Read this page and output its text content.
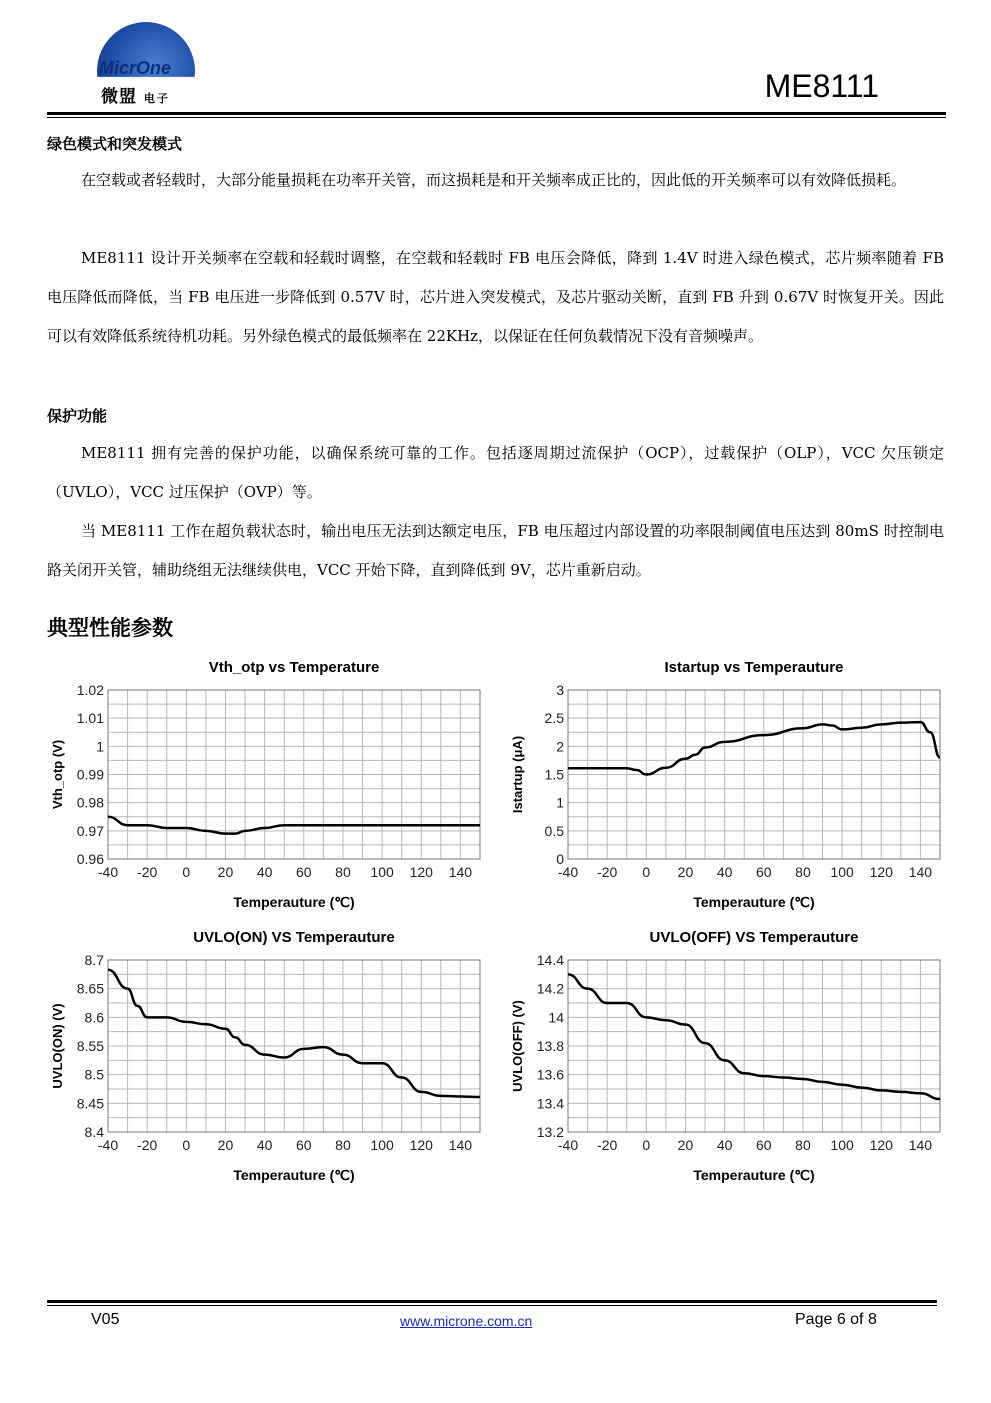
MicrOne
微盟 电子	ME8111
绿色模式和突发模式
在空载或者轻载时，大部分能量损耗在功率开关管，而这损耗是和开关频率成正比的，因此低的开关频率可以有效降低损耗。
ME8111 设计开关频率在空载和轻载时调整，在空载和轻载时 FB 电压会降低，降到 1.4V 时进入绿色模式，芯片频率随着 FB 电压降低而降低，当 FB 电压进一步降低到 0.57V 时，芯片进入突发模式，及芯片驱动关断，直到 FB 升到 0.67V 时恢复开关。因此可以有效降低系统待机功耗。另外绿色模式的最低频率在 22KHz，以保证在任何负载情况下没有音频噪声。
保护功能
ME8111 拥有完善的保护功能，以确保系统可靠的工作。包括逐周期过流保护（OCP），过载保护（OLP），VCC 欠压锁定（UVLO），VCC 过压保护（OVP）等。
当 ME8111 工作在超负载状态时，输出电压无法到达额定电压，FB 电压超过内部设置的功率限制阈值电压达到 80mS 时控制电路关闭开关管，辅助绕组无法继续供电，VCC 开始下降，直到降低到 9V，芯片重新启动。
典型性能参数
Vth_otp vs Temperature
0.96
0.97
0.98
0.99
1
1.01
1.02
-40 -20 0 20 40 60 80 100 120 140
Temperauture (℃)
Vth_otp (V)
Istartup vs Temperauture
0
0.5
1
1.5
2
2.5
3
-40 -20 0 20 40 60 80 100 120 140
Temperauture (℃)
Istartup (μA)
UVLO(ON) VS Temperauture
8.4
8.45
8.5
8.55
8.6
8.65
8.7
-40 -20 0 20 40 60 80 100 120 140
Temperauture (℃)
UVLO(ON) (V)
UVLO(OFF) VS Temperauture
13.2
13.4
13.6
13.8
14
14.2
14.4
-40 -20 0 20 40 60 80 100 120 140
Temperauture (℃)
UVLO(OFF) (V)
V05	www.microne.com.cn	Page 6 of 8
